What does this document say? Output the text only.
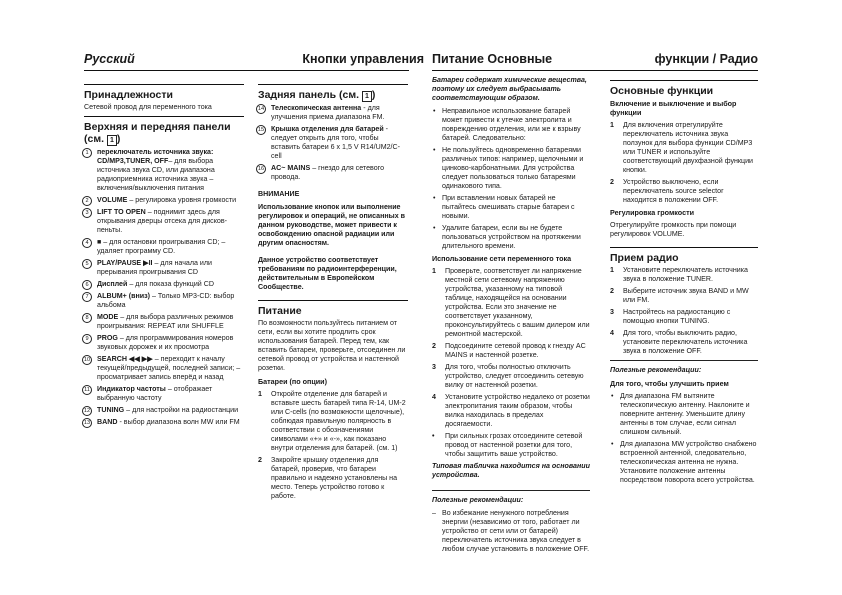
Русский	Кнопки управления Питание Основные	функции / Радио
Принадлежности

Сетевой провод для переменного тока

Верхняя и передняя панели (см. 1 )
1	переключатель источника звука: CD/MP3,TUNER, OFF– для выбора источника звука CD, или диапазона радиоприемника источника звука – включения/выключения питания
2	VOLUME – регулировка уровня громкости
3	LIFT TO OPEN – поднимит здесь для открывания дверцы отсека для дисков-пеньты.
4	■ – для остановки проигрывания CD; – удаляет программу CD.
5	PLAY/PAUSE ▶II – для начала или прерывания проигрывания CD
6	Дисплей – для показа функций CD
7	ALBUM+ (вниз) – Только MP3-CD: выбор альбома
8	MODE – для выбора различных режимов проигрывания: REPEAT или SHUFFLE
9	PROG – для программирования номеров звуковых дорожек и их просмотра
10 SEARCH ◀◀ ▶▶ – переходит к началу текущей/предыдущей, последней записи; – просматривает запись вперёд и назад
11 Индикатор частоты – отображает выбранную частоту
12 TUNING – для настройки на радиостанции
13 BAND - выбор диапазона волн MW или FM
Задняя панель (см. 1 )
14 Телескопическая антенна - для улучшения приема диапазона FM.
15 Крышка отделения для батарей - следует открыть для того, чтобы вставить батареи 6 x 1,5 V R14/UM2/C-cell
16 AC~ MAINS – гнездо для сетевого провода.

ВНИМАНИЕ

Использование кнопок или выполнение регулировок и операций, не описанных в данном руководстве, может привести к освобождению опасной радиации или другим опасностям.

Данное устройство соответствует требованиям по радиоинтерференции, действительным в Европейском Сообществе.

Питание

По возможности пользуйтесь питанием от сети, если вы хотите продлить срок использования батарей. Перед тем, как вставить батареи, проверьте, отсоединен ли сетевой провод от устройства и настенной розетки.

Батареи (по опции)

1 Откройте отделение для батарей и вставьте шесть батарей типа R-14, UM-2 или C-cells (по возможности щелочные), соблюдая правильную полярность в соответствии с обозначениями символами «+» и «-», как показано внутри отделения для батарей. (см. 1)
2 Закройте крышку отделения для батарей, проверив, что батареи правильно и надежно установлены на место. Теперь устройство готово к работе.

Батареи содержат химические вещества, поэтому их следует выбрасывать соответствующим образом.

• Неправильное использование батарей может привести к утечке электролита и повреждению отделения, или же к взрыву батарей. Следовательно:
• Не пользуйтесь одновременно батареями различных типов: например, щелочными и цинково-карбонатными. Для устройства следует пользоваться только батареями одинакового типа.
• При вставлении новых батарей не пытайтесь смешивать старые батареи с новыми.
• Удалите батареи, если вы не будете пользоваться устройством на протяжении длительного времени.

Использование сети переменного тока

1 Проверьте, соответствует ли напряжение местной сети сетевому напряжению устройства, указанному на типовой таблице, находящейся на основании устройства. Если это значение не соответствует указанному, проконсультируйтесь с вашим дилером или ремонтной мастерской.
2 Подсоедините сетевой провод к гнезду AC MAINS и настенной розетке.
3 Для того, чтобы полностью отключить устройство, следует отсоединить сетевую вилку от настенной розетки.
4 Установите устройство недалеко от розетки электропитания таким образом, чтобы вилка находилась в пределах досягаемости.
• При сильных грозах отсоедините сетевой провод от настенной розетки для того, чтобы защитить ваше устройство.

Типовая табличка находится на основании устройства.

Полезные рекомендации:

– Во избежание ненужного потребления энергии (независимо от того, работает ли устройство от сети или от батарей) переключатель источника звука следует в любом случае установить в положение OFF.
Основные функции

Включение и выключение и выбор функции

1 Для включения отрегулируйте переключатель источника звука ползунок для выбора функции CD/MP3 или TUNER и используйте соответствующий двухфазной функции кнопки.
2 Устройство выключено, если переключатель source selector находится в положении OFF.

Регулировка громкости

Отрегулируйте громкость при помощи регулировок VOLUME.

Прием радио
1 Установите переключатель источника звука в положение TUNER.
2 Выберите источник звука BAND и MW или FM.
3 Настройтесь на радиостанцию с помощью кнопки TUNING.
4 Для того, чтобы выключить радио, установите переключатель источника звука в положение OFF.

Полезные рекомендации:

Для того, чтобы улучшить прием

• Для диапазона FM вытяните телескопическую антенну. Наклоните и поверните антенну. Уменьшите длину антенны в том случае, если сигнал слишком сильный.
• Для диапазона MW устройство снабжено встроенной антенной, следовательно, телескопическая антенна не нужна. Установите положение антенны посредством поворота всего устройства.
